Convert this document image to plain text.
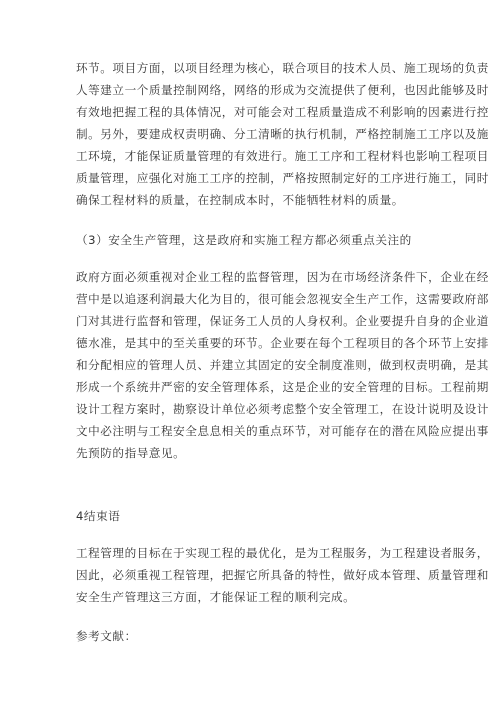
环节。项目方面，以项目经理为核心，联合项目的技术人员、施工现场的负责
人等建立一个质量控制网络，网络的形成为交流提供了便利，也因此能够及时
有效地把握工程的具体情况，对可能会对工程质量造成不利影响的因素进行控
制。另外，要建成权责明确、分工清晰的执行机制，严格控制施工工序以及施
工环境，才能保证质量管理的有效进行。施工工序和工程材料也影响工程项目
质量管理，应强化对施工工序的控制，严格按照制定好的工序进行施工，同时
确保工程材料的质量，在控制成本时，不能牺牲材料的质量。
（3）安全生产管理，这是政府和实施工程方都必须重点关注的
政府方面必须重视对企业工程的监督管理，因为在市场经济条件下，企业在经
营中是以追逐利润最大化为目的，很可能会忽视安全生产工作，这需要政府部
门对其进行监督和管理，保证务工人员的人身权利。企业要提升自身的企业道
德水准，是其中的至关重要的环节。企业要在每个工程项目的各个环节上安排
和分配相应的管理人员、并建立其固定的安全制度准则，做到权责明确，是其
形成一个系统井严密的安全管理体系，这是企业的安全管理的目标。工程前期
设计工程方案时，勘察设计单位必须考虑整个安全管理工，在设计说明及设计
文中必注明与工程安全息息相关的重点环节，对可能存在的潜在风险应提出事
先预防的指导意见。
4结束语
工程管理的目标在于实现工程的最优化，是为工程服务，为工程建设者服务，
因此，必须重视工程管理，把握它所具备的特性，做好成本管理、质量管理和
安全生产管理这三方面，才能保证工程的顺利完成。
参考文献：
